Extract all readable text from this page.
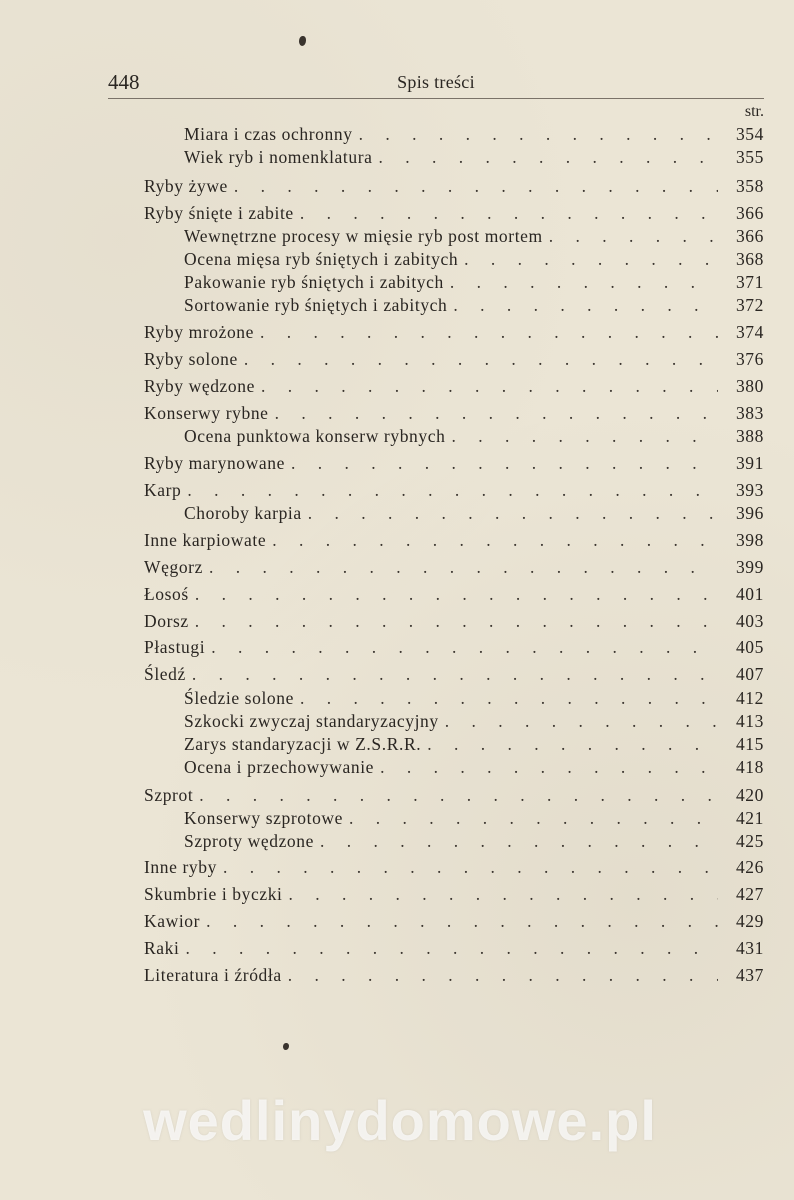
448	Spis treści
str.
Miara i czas ochronny . . .	354
Wiek ryb i nomenklatura . . .	355
Ryby żywe . . .	358
Ryby śnięte i zabite . . .	366
Wewnętrzne procesy w mięsie ryb post mortem . . .	366
Ocena mięsa ryb śniętych i zabitych . . .	368
Pakowanie ryb śniętych i zabitych . . .	371
Sortowanie ryb śniętych i zabitych . . .	372
Ryby mrożone . . .	374
Ryby solone . . .	376
Ryby wędzone . . .	380
Konserwy rybne . . .	383
Ocena punktowa konserw rybnych . . .	388
Ryby marynowane . . .	391
Karp . . .	393
Choroby karpia . . .	396
Inne karpiowate . . .	398
Węgorz . . .	399
Łosoś . . .	401
Dorsz . . .	403
Płastugi . . .	405
Śledź . . .	407
Śledzie solone . . .	412
Szkocki zwyczaj standaryzacyjny . . .	413
Zarys standaryzacji w Z.S.R.R. . . .	415
Ocena i przechowywanie . . .	418
Szprot . . .	420
Konserwy szprotowe . . .	421
Szproty wędzone . . .	425
Inne ryby . . .	426
Skumbrie i byczki . . .	427
Kawior . . .	429
Raki . . .	431
Literatura i źródła . . .	437
wedlinydomowe.pl
